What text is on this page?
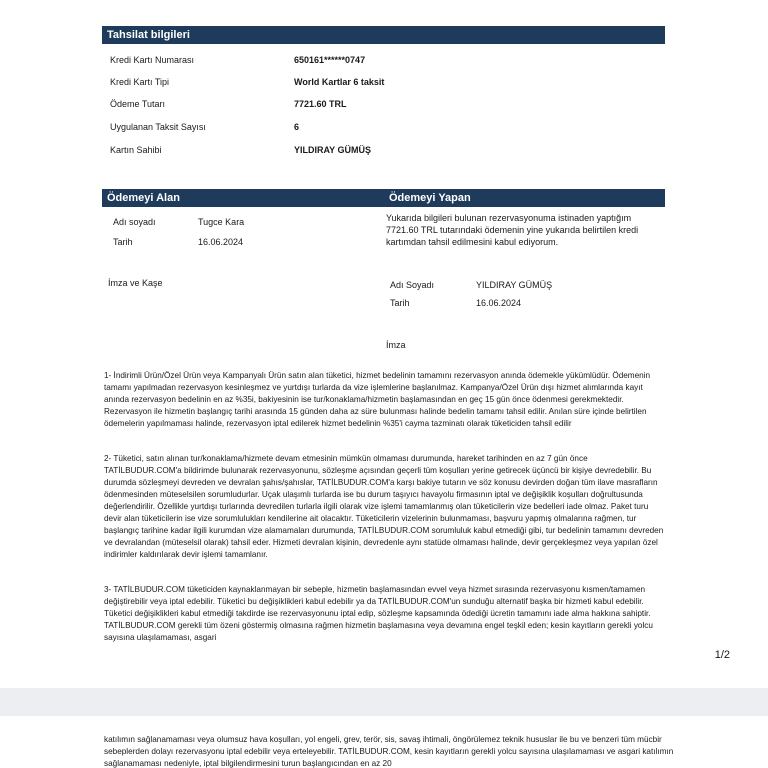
Tahsilat bilgileri
Kredi Kartı Numarası	650161******0747
Kredi Kartı Tipi	World Kartlar 6 taksit
Ödeme Tutarı	7721.60 TRL
Uygulanan Taksit Sayısı	6
Kartın Sahibi	YILDIRAY GÜMÜŞ
Ödemeyi Alan	Ödemeyi Yapan
Adı soyadı	Tugce Kara
Tarih	16.06.2024
İmza ve Kaşe
Yukarıda bilgileri bulunan rezervasyonuma istinaden yaptığım 7721.60 TRL tutarındaki ödemenin yine yukarıda belirtilen kredi kartımdan tahsil edilmesini kabul ediyorum.
Adı Soyadı	YILDIRAY GÜMÜŞ
Tarih	16.06.2024
İmza
1- İndirimli Ürün/Özel Ürün veya Kampanyalı Ürün satın alan tüketici, hizmet bedelinin tamamını rezervasyon anında ödemekle yükümlüdür. Ödemenin tamamı yapılmadan rezervasyon kesinleşmez ve yurtdışı turlarda da vize işlemlerine başlanılmaz. Kampanya/Özel Ürün dışı hizmet alımlarında kayıt anında rezervasyon bedelinin en az %35i, bakiyesinin ise tur/konaklama/hizmetin başlamasından en geç 15 gün önce ödenmesi gerekmektedir. Rezervasyon ile hizmetin başlangıç tarihi arasında 15 günden daha az süre bulunması halinde bedelin tamamı tahsil edilir. Anılan süre içinde belirtilen ödemelerin yapılmaması halinde, rezervasyon iptal edilerek hizmet bedelinin %35'i cayma tazminatı olarak tüketiciden tahsil edilir
2- Tüketici, satın alınan tur/konaklama/hizmete devam etmesinin mümkün olmaması durumunda, hareket tarihinden en az 7 gün önce TATİLBUDUR.COM'a bildirimde bulunarak rezervasyonunu, sözleşme açısından geçerli tüm koşulları yerine getirecek üçüncü bir kişiye devredebilir. Bu durumda sözleşmeyi devreden ve devralan şahıs/şahıslar, TATİLBUDUR.COM'a karşı bakiye tutarın ve söz konusu devirden doğan tüm ilave masrafların ödenmesinden müteselsilen sorumludurlar. Uçak ulaşımlı turlarda ise bu durum taşıyıcı havayolu firmasının iptal ve değişiklik koşulları doğrultusunda değerlendirilir. Özellikle yurtdışı turlarında devredilen turlarla ilgili olarak vize işlemi tamamlanmış olan tüketicilerin vize bedelleri iade olmaz. Paket turu devir alan tüketicilerin ise vize sorumlulukları kendilerine ait olacaktır. Tüketicilerin vizelerinin bulunmaması, başvuru yapmış olmalarına rağmen, tur başlangıç tarihine kadar ilgili kurumdan vize alamamaları durumunda, TATİLBUDUR.COM sorumluluk kabul etmediği gibi, tur bedelinin tamamını devreden ve devralandan (müteselsil olarak) tahsil eder. Hizmeti devralan kişinin, devredenle aynı statüde olmaması halinde, devir gerçekleşmez veya yapılan özel indirimler kaldırılarak devir işlemi tamamlanır.
3- TATİLBUDUR.COM tüketiciden kaynaklanmayan bir sebeple, hizmetin başlamasından evvel veya hizmet sırasında rezervasyonu kısmen/tamamen değiştirebilir veya iptal edebilir. Tüketici bu değişiklikleri kabul edebilir ya da TATİLBUDUR.COM'un sunduğu alternatif başka bir hizmeti kabul edebilir. Tüketici değişiklikleri kabul etmediği takdirde ise rezervasyonunu iptal edip, sözleşme kapsamında ödediği ücretin tamamını iade alma hakkına sahiptir. TATİLBUDUR.COM gerekli tüm özeni göstermiş olmasına rağmen hizmetin başlamasına veya devamına engel teşkil eden; kesin kayıtların gerekli yolcu sayısına ulaşılamaması, asgari
1/2
katılımın sağlanamaması veya olumsuz hava koşulları, yol engeli, grev, terör, sis, savaş ihtimali, öngörülemez teknik hususlar ile bu ve benzeri tüm mücbir sebeplerden dolayı rezervasyonu iptal edebilir veya erteleyebilir. TATİLBUDUR.COM, kesin kayıtların gerekli yolcu sayısına ulaşılamaması ve asgari katılımın sağlanamaması nedeniyle, iptal bilgilendirmesini turun başlangıcından en az 20
